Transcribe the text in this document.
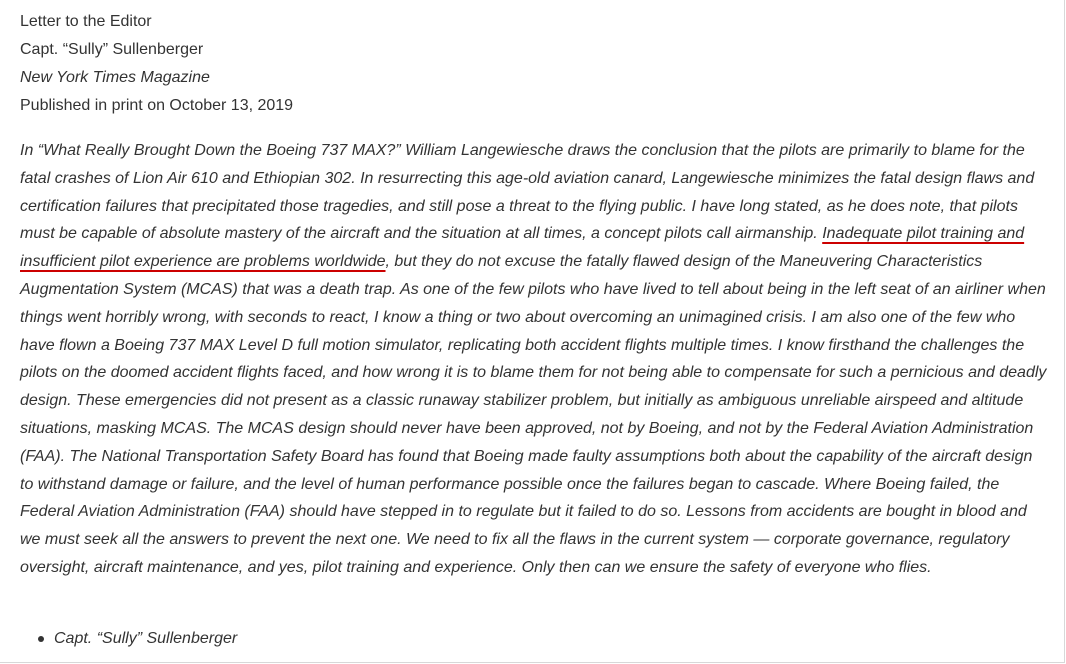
Letter to the Editor
Capt. “Sully” Sullenberger
New York Times Magazine
Published in print on October 13, 2019

In “What Really Brought Down the Boeing 737 MAX?” William Langewiesche draws the conclusion that the pilots are primarily to blame for the fatal crashes of Lion Air 610 and Ethiopian 302. In resurrecting this age-old aviation canard, Langewiesche minimizes the fatal design flaws and certification failures that precipitated those tragedies, and still pose a threat to the flying public. I have long stated, as he does note, that pilots must be capable of absolute mastery of the aircraft and the situation at all times, a concept pilots call airmanship. Inadequate pilot training and insufficient pilot experience are problems worldwide, but they do not excuse the fatally flawed design of the Maneuvering Characteristics Augmentation System (MCAS) that was a death trap. As one of the few pilots who have lived to tell about being in the left seat of an airliner when things went horribly wrong, with seconds to react, I know a thing or two about overcoming an unimagined crisis. I am also one of the few who have flown a Boeing 737 MAX Level D full motion simulator, replicating both accident flights multiple times. I know firsthand the challenges the pilots on the doomed accident flights faced, and how wrong it is to blame them for not being able to compensate for such a pernicious and deadly design. These emergencies did not present as a classic runaway stabilizer problem, but initially as ambiguous unreliable airspeed and altitude situations, masking MCAS. The MCAS design should never have been approved, not by Boeing, and not by the Federal Aviation Administration (FAA). The National Transportation Safety Board has found that Boeing made faulty assumptions both about the capability of the aircraft design to withstand damage or failure, and the level of human performance possible once the failures began to cascade. Where Boeing failed, the Federal Aviation Administration (FAA) should have stepped in to regulate but it failed to do so. Lessons from accidents are bought in blood and we must seek all the answers to prevent the next one. We need to fix all the flaws in the current system — corporate governance, regulatory oversight, aircraft maintenance, and yes, pilot training and experience. Only then can we ensure the safety of everyone who flies.

Capt. “Sully” Sullenberger
